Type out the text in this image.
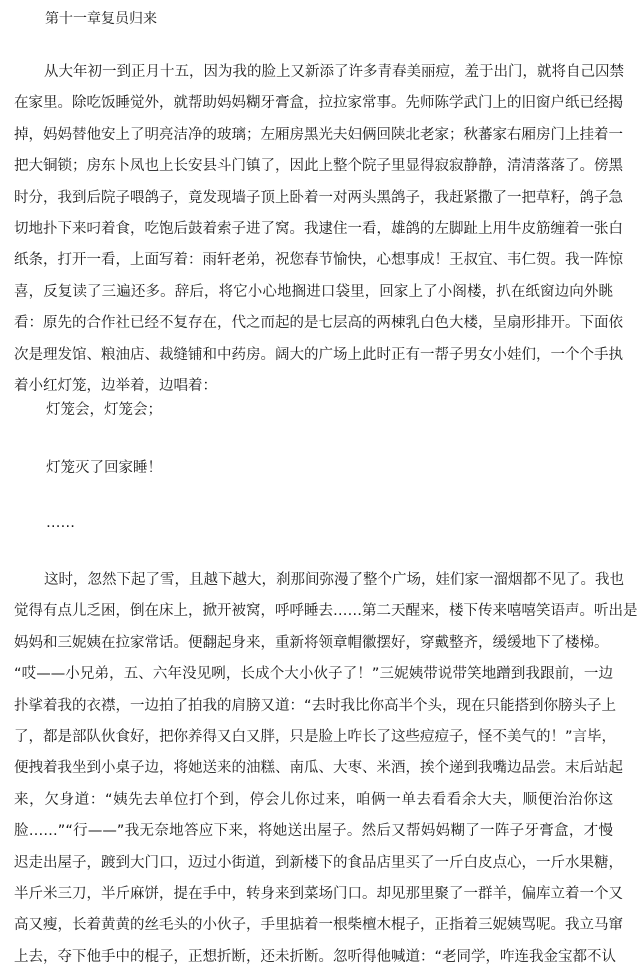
第十一章复员归来
从大年初一到正月十五，因为我的脸上又新添了许多青春美丽痘，羞于出门，就将自己囚禁
在家里。除吃饭睡觉外，就帮助妈妈糊牙膏盒，拉拉家常事。先师陈学武门上的旧窗户纸已经揭
掉，妈妈替他安上了明亮洁净的玻璃；左厢房黑光夫妇俩回陕北老家；秋蕃家右厢房门上挂着一
把大铜锁；房东卜凤也上长安县斗门镇了，因此上整个院子里显得寂寂静静，清清落落了。傍黑
时分，我到后院子喂鸽子，竟发现墙子顶上卧着一对两头黑鸽子，我赶紧撒了一把草籽，鸽子急
切地扑下来叼着食，吃饱后鼓着索子进了窝。我逮住一看，雄鸽的左脚趾上用牛皮筋缠着一张白
纸条，打开一看，上面写着：雨轩老弟，祝您春节愉快，心想事成！王叔宜、韦仁贺。我一阵惊
喜，反复读了三遍还多。辞后，将它小心地搁进口袋里，回家上了小阁楼，扒在纸窗边向外眺
看：原先的合作社已经不复存在，代之而起的是七层高的两棟乳白色大楼，呈扇形排开。下面依
次是理发馆、粮油店、裁缝铺和中药房。阔大的广场上此时正有一帮子男女小娃们，一个个手执
着小红灯笼，边举着，边唱着：
灯笼会，灯笼会；
灯笼灭了回家睡！
……
这时，忽然下起了雪，且越下越大，刹那间弥漫了整个广场，娃们家一溜烟都不见了。我也
觉得有点儿乏困，倒在床上，掀开被窝，呼呼睡去……第二天醒来，楼下传来嘻嘻笑语声。听出是
妈妈和三妮姨在拉家常话。便翻起身来，重新将领章帽徽摆好，穿戴整齐，缓缓地下了楼梯。
“哎——小兄弟，五、六年没见咧，长成个大小伙子了！”三妮姨带说带笑地蹭到我跟前，一边
扑挲着我的衣襟，一边拍了拍我的肩膀又道：“去时我比你高半个头，现在只能搭到你膀头子上
了，都是部队伙食好，把你养得又白又胖，只是脸上咋长了这些痘痘子，怪不美气的！”言毕，
便拽着我坐到小桌子边，将她送来的油糕、南瓜、大枣、米酒，挨个递到我嘴边品尝。末后站起
来，欠身道：“姨先去单位打个到，停会儿你过来，咱俩一单去看看余大夫，顺便治治你这
脸……”“行——”我无奈地答应下来，将她送出屋子。然后又帮妈妈糊了一阵子牙膏盒，才慢
迟走出屋子，踱到大门口，迈过小街道，到新楼下的食品店里买了一斤白皮点心，一斤水果糖，
半斤米三刀，半斤麻饼，提在手中，转身来到菜场门口。却见那里聚了一群羊，偏库立着一个又
高又瘦，长着黄黄的丝毛头的小伙子，手里掂着一根柴檀木棍子，正指着三妮姨骂呢。我立马窜
上去，夺下他手中的棍子，正想折断，还未折断。忽听得他喊道：“老同学，咋连我金宝都不认
